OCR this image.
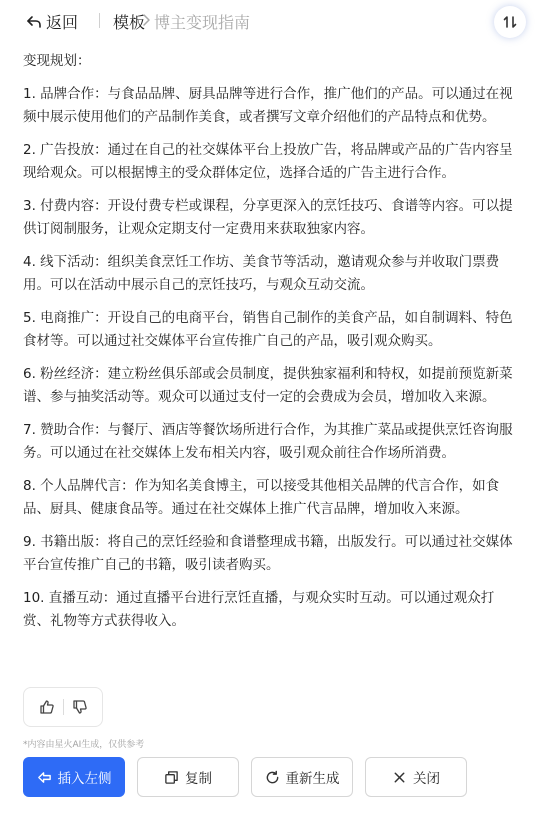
返回 模板 博主变现指南

变现规划：

1. 品牌合作：与食品品牌、厨具品牌等进行合作，推广他们的产品。可以通过在视频中展示使用他们的产品制作美食，或者撰写文章介绍他们的产品特点和优势。

2. 广告投放：通过在自己的社交媒体平台上投放广告，将品牌或产品的广告内容呈现给观众。可以根据博主的受众群体定位，选择合适的广告主进行合作。

3. 付费内容：开设付费专栏或课程，分享更深入的烹饪技巧、食谱等内容。可以提供订阅制服务，让观众定期支付一定费用来获取独家内容。

4. 线下活动：组织美食烹饪工作坊、美食节等活动，邀请观众参与并收取门票费用。可以在活动中展示自己的烹饪技巧，与观众互动交流。

5. 电商推广：开设自己的电商平台，销售自己制作的美食产品，如自制调料、特色食材等。可以通过社交媒体平台宣传推广自己的产品，吸引观众购买。

6. 粉丝经济：建立粉丝俱乐部或会员制度，提供独家福利和特权，如提前预览新菜谱、参与抽奖活动等。观众可以通过支付一定的会费成为会员，增加收入来源。

7. 赞助合作：与餐厅、酒店等餐饮场所进行合作，为其推广菜品或提供烹饪咨询服务。可以通过在社交媒体上发布相关内容，吸引观众前往合作场所消费。

8. 个人品牌代言：作为知名美食博主，可以接受其他相关品牌的代言合作，如食品、厨具、健康食品等。通过在社交媒体上推广代言品牌，增加收入来源。

9. 书籍出版：将自己的烹饪经验和食谱整理成书籍，出版发行。可以通过社交媒体平台宣传推广自己的书籍，吸引读者购买。

10. 直播互动：通过直播平台进行烹饪直播，与观众实时互动。可以通过观众打赏、礼物等方式获得收入。

*内容由星火AI生成，仅供参考
插入左侧	复制	重新生成	关闭
